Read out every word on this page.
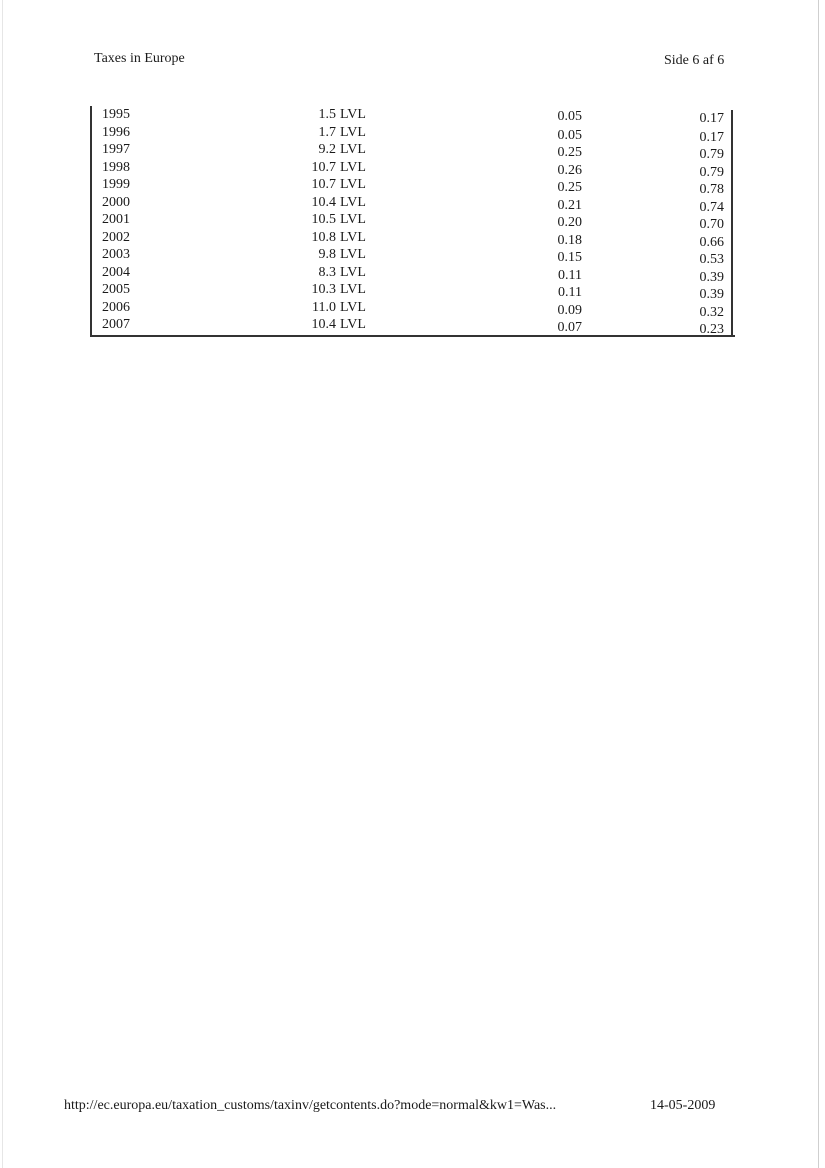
Taxes in Europe	Side 6 af 6
1995	1.5 LVL	0.05	0.17
1996	1.7 LVL	0.05	0.17
1997	9.2 LVL	0.25	0.79
1998	10.7 LVL	0.26	0.79
1999	10.7 LVL	0.25	0.78
2000	10.4 LVL	0.21	0.74
2001	10.5 LVL	0.20	0.70
2002	10.8 LVL	0.18	0.66
2003	9.8 LVL	0.15	0.53
2004	8.3 LVL	0.11	0.39
2005	10.3 LVL	0.11	0.39
2006	11.0 LVL	0.09	0.32
2007	10.4 LVL	0.07	0.23
http://ec.europa.eu/taxation_customs/taxinv/getcontents.do?mode=normal&kw1=Was...	14-05-2009
